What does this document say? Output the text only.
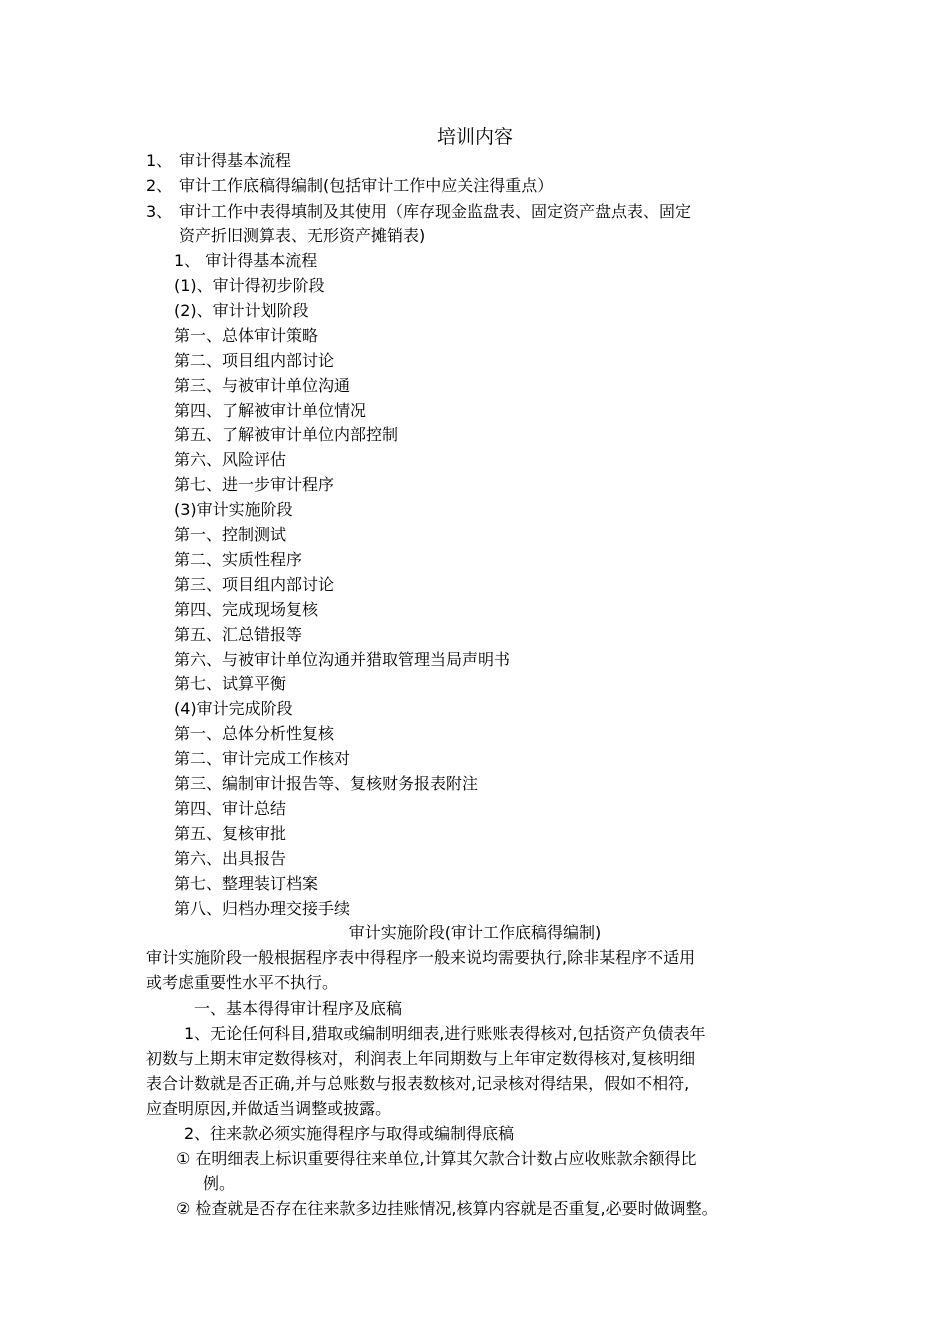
培训内容
1、 审计得基本流程
2、 审计工作底稿得编制(包括审计工作中应关注得重点）
3、 审计工作中表得填制及其使用（库存现金监盘表、固定资产盘点表、固定
资产折旧测算表、无形资产摊销表)
1、 审计得基本流程
(1)、审计得初步阶段
(2)、审计计划阶段
第一、总体审计策略
第二、项目组内部讨论
第三、与被审计单位沟通
第四、了解被审计单位情况
第五、了解被审计单位内部控制
第六、风险评估
第七、进一步审计程序
(3)审计实施阶段
第一、控制测试
第二、实质性程序
第三、项目组内部讨论
第四、完成现场复核
第五、汇总错报等
第六、与被审计单位沟通并猎取管理当局声明书
第七、试算平衡
(4)审计完成阶段
第一、总体分析性复核
第二、审计完成工作核对
第三、编制审计报告等、复核财务报表附注
第四、审计总结
第五、复核审批
第六、出具报告
第七、整理装订档案
第八、归档办理交接手续
审计实施阶段(审计工作底稿得编制)
审计实施阶段一般根据程序表中得程序一般来说均需要执行,除非某程序不适用
或考虑重要性水平不执行。
一、基本得得审计程序及底稿
1、无论任何科目,猎取或编制明细表,进行账账表得核对,包括资产负债表年
初数与上期末审定数得核对，利润表上年同期数与上年审定数得核对,复核明细
表合计数就是否正确,并与总账数与报表数核对,记录核对得结果，假如不相符,
应查明原因,并做适当调整或披露。
2、往来款必须实施得程序与取得或编制得底稿
① 在明细表上标识重要得往来单位,计算其欠款合计数占应收账款余额得比
例。
② 检查就是否存在往来款多边挂账情况,核算内容就是否重复,必要时做调整。
